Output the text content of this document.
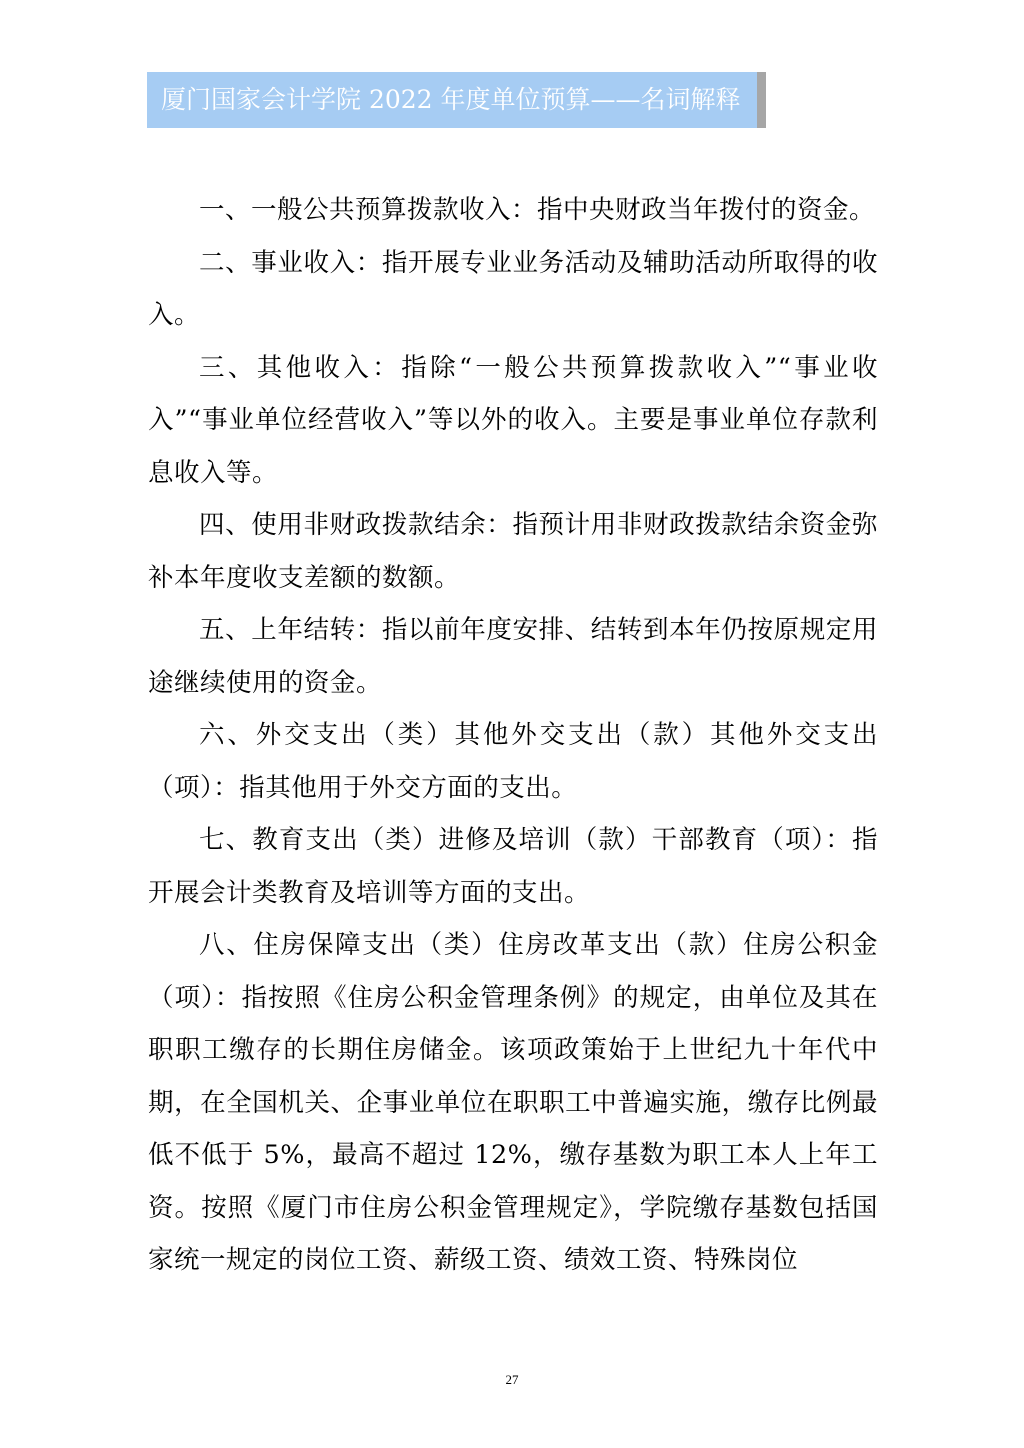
厦门国家会计学院 2022 年度单位预算——名词解释

一、一般公共预算拨款收入：指中央财政当年拨付的资金。

二、事业收入：指开展专业业务活动及辅助活动所取得的收入。

三、其他收入：指除“一般公共预算拨款收入”“事业收入”“事业单位经营收入”等以外的收入。主要是事业单位存款利息收入等。

四、使用非财政拨款结余：指预计用非财政拨款结余资金弥补本年度收支差额的数额。

五、上年结转：指以前年度安排、结转到本年仍按原规定用途继续使用的资金。

六、外交支出（类）其他外交支出（款）其他外交支出（项）：指其他用于外交方面的支出。

七、教育支出（类）进修及培训（款）干部教育（项）：指开展会计类教育及培训等方面的支出。

八、住房保障支出（类）住房改革支出（款）住房公积金（项）：指按照《住房公积金管理条例》的规定，由单位及其在职职工缴存的长期住房储金。该项政策始于上世纪九十年代中期，在全国机关、企事业单位在职职工中普遍实施，缴存比例最低不低于 5%，最高不超过 12%，缴存基数为职工本人上年工资。按照《厦门市住房公积金管理规定》，学院缴存基数包括国家统一规定的岗位工资、薪级工资、绩效工资、特殊岗位

27
